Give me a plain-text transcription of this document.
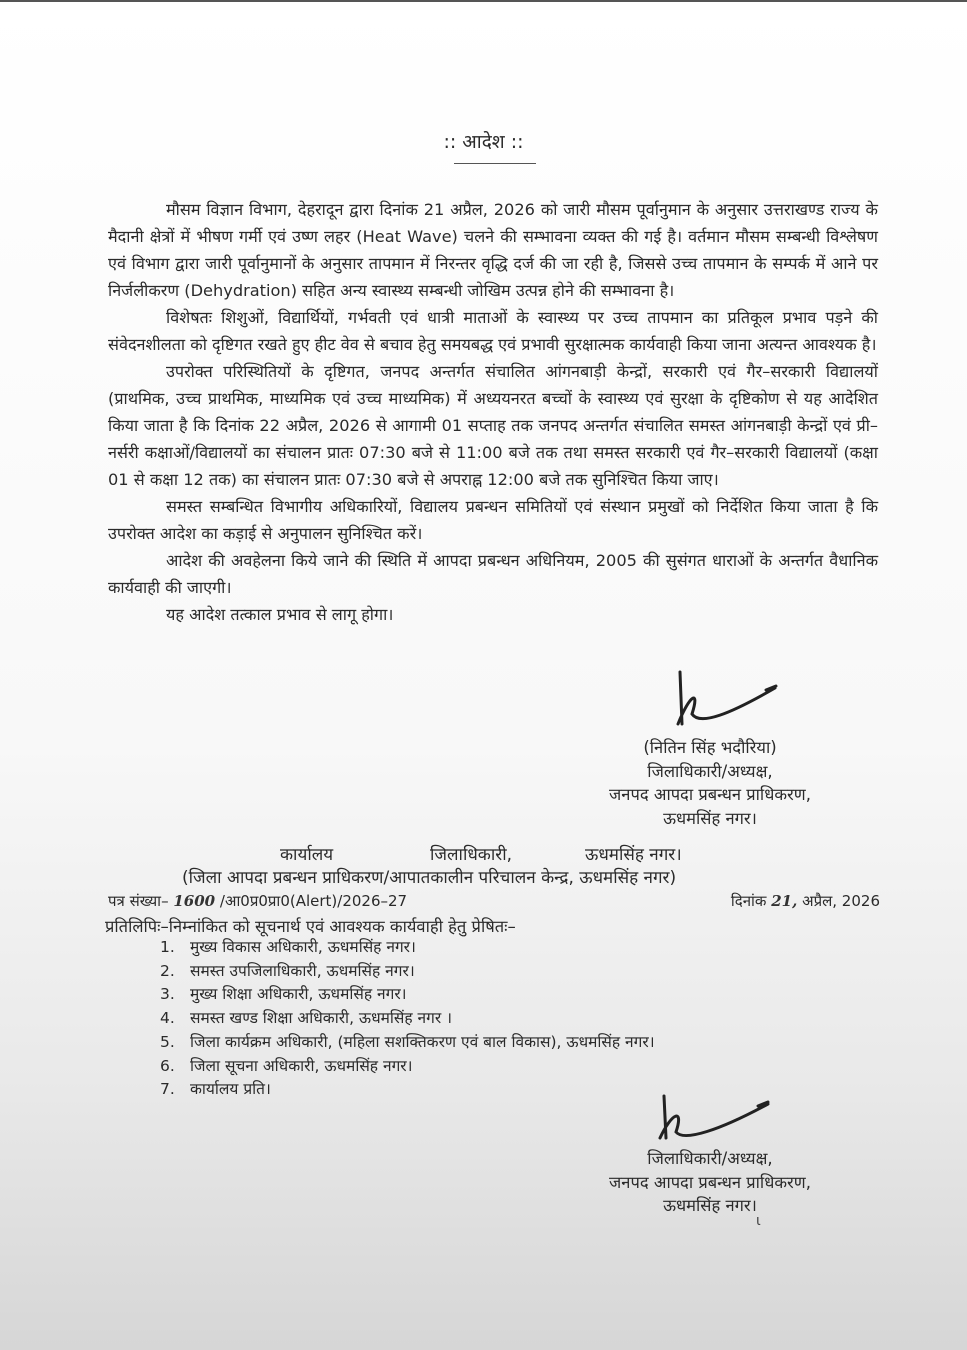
:: आदेश ::

मौसम विज्ञान विभाग, देहरादून द्वारा दिनांक 21 अप्रैल, 2026 को जारी मौसम पूर्वानुमान के अनुसार उत्तराखण्ड राज्य के मैदानी क्षेत्रों में भीषण गर्मी एवं उष्ण लहर (Heat Wave) चलने की सम्भावना व्यक्त की गई है। वर्तमान मौसम सम्बन्धी विश्लेषण एवं विभाग द्वारा जारी पूर्वानुमानों के अनुसार तापमान में निरन्तर वृद्धि दर्ज की जा रही है, जिससे उच्च तापमान के सम्पर्क में आने पर निर्जलीकरण (Dehydration) सहित अन्य स्वास्थ्य सम्बन्धी जोखिम उत्पन्न होने की सम्भावना है।

विशेषतः शिशुओं, विद्यार्थियों, गर्भवती एवं धात्री माताओं के स्वास्थ्य पर उच्च तापमान का प्रतिकूल प्रभाव पड़ने की संवेदनशीलता को दृष्टिगत रखते हुए हीट वेव से बचाव हेतु समयबद्ध एवं प्रभावी सुरक्षात्मक कार्यवाही किया जाना अत्यन्त आवश्यक है।

उपरोक्त परिस्थितियों के दृष्टिगत, जनपद अन्तर्गत संचालित आंगनबाड़ी केन्द्रों, सरकारी एवं गैर–सरकारी विद्यालयों (प्राथमिक, उच्च प्राथमिक, माध्यमिक एवं उच्च माध्यमिक) में अध्ययनरत बच्चों के स्वास्थ्य एवं सुरक्षा के दृष्टिकोण से यह आदेशित किया जाता है कि दिनांक 22 अप्रैल, 2026 से आगामी 01 सप्ताह तक जनपद अन्तर्गत संचालित समस्त आंगनबाड़ी केन्द्रों एवं प्री–नर्सरी कक्षाओं/विद्यालयों का संचालन प्रातः 07:30 बजे से 11:00 बजे तक तथा समस्त सरकारी एवं गैर–सरकारी विद्यालयों (कक्षा 01 से कक्षा 12 तक) का संचालन प्रातः 07:30 बजे से अपराह्न 12:00 बजे तक सुनिश्चित किया जाए।

समस्त सम्बन्धित विभागीय अधिकारियों, विद्यालय प्रबन्धन समितियों एवं संस्थान प्रमुखों को निर्देशित किया जाता है कि उपरोक्त आदेश का कड़ाई से अनुपालन सुनिश्चित करें।

आदेश की अवहेलना किये जाने की स्थिति में आपदा प्रबन्धन अधिनियम, 2005 की सुसंगत धाराओं के अन्तर्गत वैधानिक कार्यवाही की जाएगी।

यह आदेश तत्काल प्रभाव से लागू होगा।

(नितिन सिंह भदौरिया)
जिलाधिकारी/अध्यक्ष,
जनपद आपदा प्रबन्धन प्राधिकरण,
ऊधमसिंह नगर।
कार्यालय	जिलाधिकारी,	ऊधमसिंह नगर।
(जिला आपदा प्रबन्धन प्राधिकरण/आपातकालीन परिचालन केन्द्र, ऊधमसिंह नगर)
पत्र संख्या– 1600 /आ0प्र0प्रा0(Alert)/2026–27	दिनांक 21, अप्रैल, 2026
प्रतिलिपिः–निम्नांकित को सूचनार्थ एवं आवश्यक कार्यवाही हेतु प्रेषितः–
1. मुख्य विकास अधिकारी, ऊधमसिंह नगर।
2. समस्त उपजिलाधिकारी, ऊधमसिंह नगर।
3. मुख्य शिक्षा अधिकारी, ऊधमसिंह नगर।
4. समस्त खण्ड शिक्षा अधिकारी, ऊधमसिंह नगर ।
5. जिला कार्यक्रम अधिकारी, (महिला सशक्तिकरण एवं बाल विकास), ऊधमसिंह नगर।
6. जिला सूचना अधिकारी, ऊधमसिंह नगर।
7. कार्यालय प्रति।
जिलाधिकारी/अध्यक्ष,
जनपद आपदा प्रबन्धन प्राधिकरण,
ऊधमसिंह नगर।
ι
